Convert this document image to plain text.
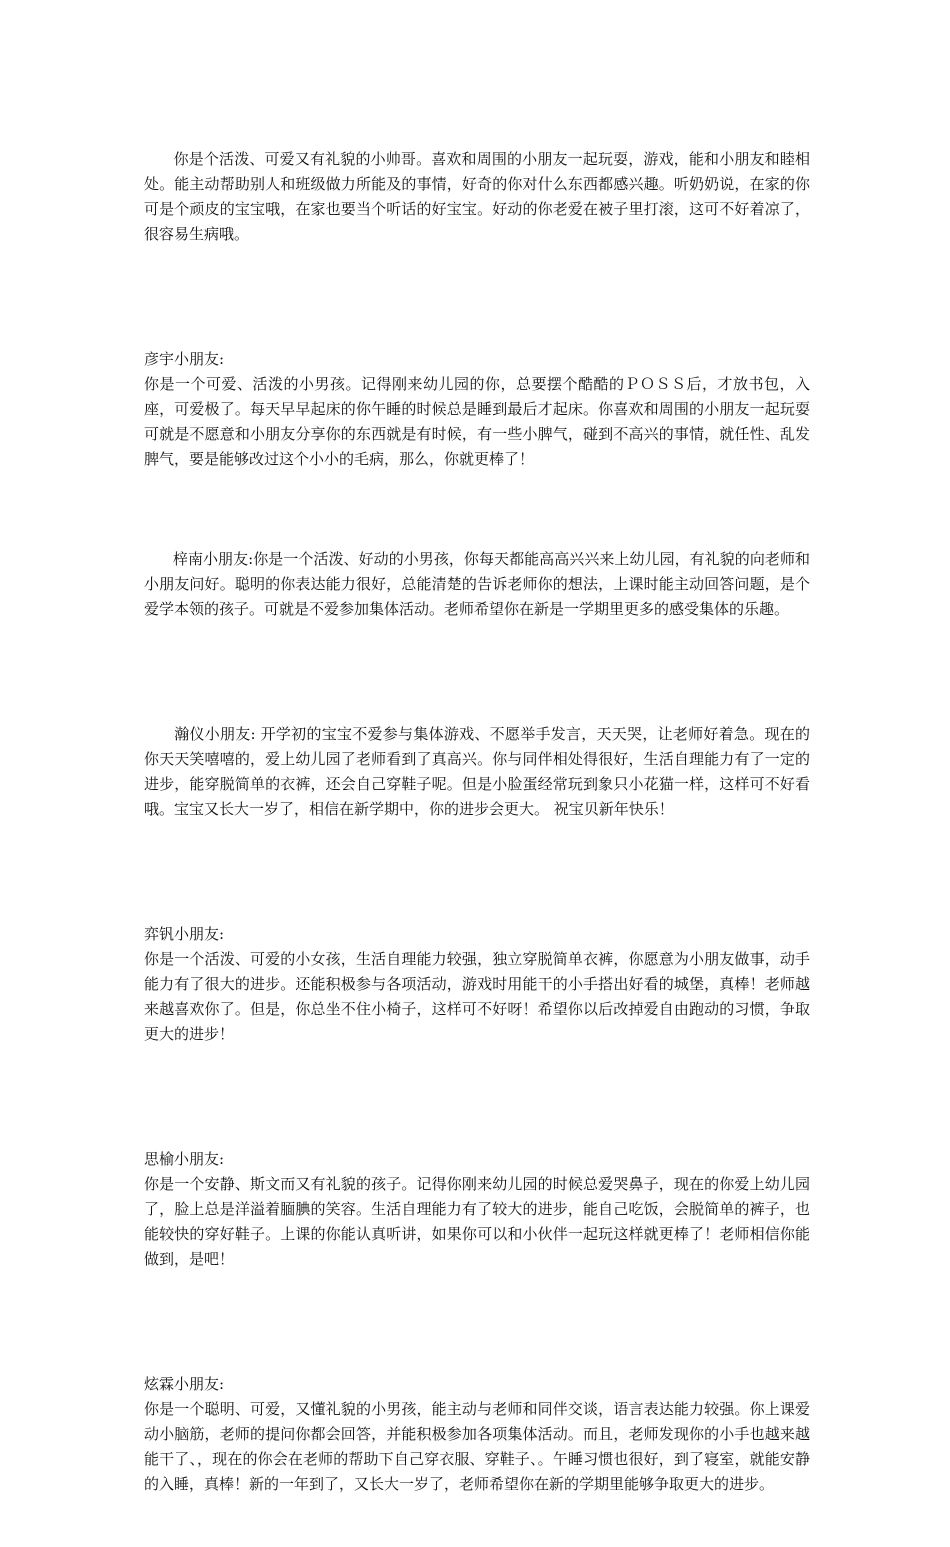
你是个活泼、可爱又有礼貌的小帅哥。喜欢和周围的小朋友一起玩耍，游戏，能和小朋友和睦相处。能主动帮助别人和班级做力所能及的事情，好奇的你对什么东西都感兴趣。听奶奶说，在家的你可是个顽皮的宝宝哦，在家也要当个听话的好宝宝。好动的你老爱在被子里打滚，这可不好着凉了，很容易生病哦。

彦宇小朋友:
你是一个可爱、活泼的小男孩。记得刚来幼儿园的你，总要摆个酷酷的ＰＯＳＳ后，才放书包，入座，可爱极了。每天早早起床的你午睡的时候总是睡到最后才起床。你喜欢和周围的小朋友一起玩耍可就是不愿意和小朋友分享你的东西就是有时候，有一些小脾气，碰到不高兴的事情，就任性、乱发脾气，要是能够改过这个小小的毛病，那么，你就更棒了！

梓南小朋友:你是一个活泼、好动的小男孩，你每天都能高高兴兴来上幼儿园，有礼貌的向老师和小朋友问好。聪明的你表达能力很好，总能清楚的告诉老师你的想法，上课时能主动回答问题，是个爱学本领的孩子。可就是不爱参加集体活动。老师希望你在新是一学期里更多的感受集体的乐趣。

瀚仪小朋友: 开学初的宝宝不爱参与集体游戏、不愿举手发言，天天哭，让老师好着急。现在的你天天笑嘻嘻的，爱上幼儿园了老师看到了真高兴。你与同伴相处得很好，生活自理能力有了一定的进步，能穿脱简单的衣裤，还会自己穿鞋子呢。但是小脸蛋经常玩到象只小花猫一样，这样可不好看哦。宝宝又长大一岁了，相信在新学期中，你的进步会更大。 祝宝贝新年快乐！

弈钒小朋友:
你是一个活泼、可爱的小女孩，生活自理能力较强，独立穿脱简单衣裤，你愿意为小朋友做事，动手能力有了很大的进步。还能积极参与各项活动，游戏时用能干的小手搭出好看的城堡，真棒！老师越来越喜欢你了。但是，你总坐不住小椅子，这样可不好呀！希望你以后改掉爱自由跑动的习惯，争取更大的进步！

思榆小朋友:
你是一个安静、斯文而又有礼貌的孩子。记得你刚来幼儿园的时候总爱哭鼻子，现在的你爱上幼儿园了，脸上总是洋溢着腼腆的笑容。生活自理能力有了较大的进步，能自己吃饭，会脱简单的裤子，也能较快的穿好鞋子。上课的你能认真听讲，如果你可以和小伙伴一起玩这样就更棒了！老师相信你能做到，是吧！

炫霖小朋友:
你是一个聪明、可爱，又懂礼貌的小男孩，能主动与老师和同伴交谈，语言表达能力较强。你上课爱动小脑筋，老师的提问你都会回答，并能积极参加各项集体活动。而且，老师发现你的小手也越来越能干了、，现在的你会在老师的帮助下自己穿衣服、穿鞋子、。午睡习惯也很好，到了寝室，就能安静的入睡，真棒！新的一年到了，又长大一岁了，老师希望你在新的学期里能够争取更大的进步。
